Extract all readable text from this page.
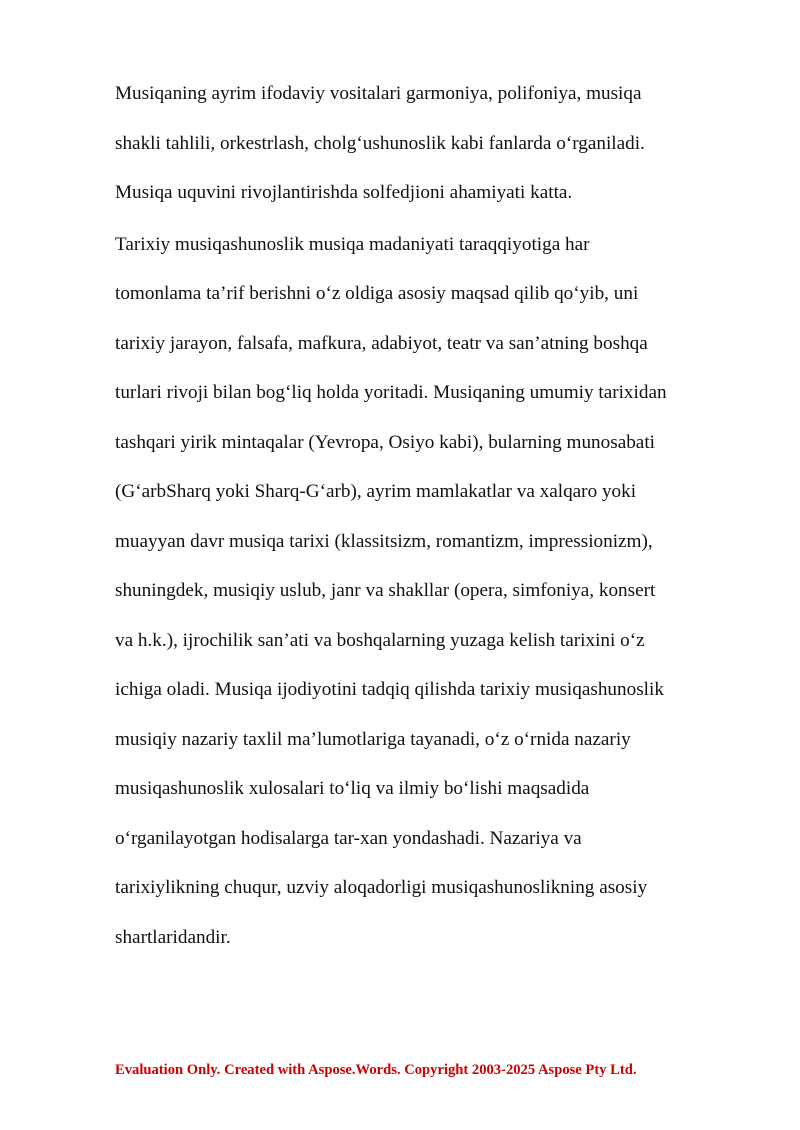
Musiqaning ayrim ifodaviy vositalari garmoniya, polifoniya, musiqa
shakli tahlili, orkestrlash, cholg‘ushunoslik kabi fanlarda o‘rganiladi.
Musiqa uquvini rivojlantirishda solfedjioni ahamiyati katta.
Tarixiy musiqashunoslik musiqa madaniyati taraqqiyotiga har
tomonlama ta’rif berishni o‘z oldiga asosiy maqsad qilib qo‘yib, uni
tarixiy jarayon, falsafa, mafkura, adabiyot, teatr va san’atning boshqa
turlari rivoji bilan bog‘liq holda yoritadi. Musiqaning umumiy tarixidan
tashqari yirik mintaqalar (Yevropa, Osiyo kabi), bularning munosabati
(G‘arbSharq yoki Sharq-G‘arb), ayrim mamlakatlar va xalqaro yoki
muayyan davr musiqa tarixi (klassitsizm, romantizm, impressionizm),
shuningdek, musiqiy uslub, janr va shakllar (opera, simfoniya, konsert
va h.k.), ijrochilik san’ati va boshqalarning yuzaga kelish tarixini o‘z
ichiga oladi. Musiqa ijodiyotini tadqiq qilishda tarixiy musiqashunoslik
musiqiy nazariy taxlil ma’lumotlariga tayanadi, o‘z o‘rnida nazariy
musiqashunoslik xulosalari to‘liq va ilmiy bo‘lishi maqsadida
o‘rganilayotgan hodisalarga tar-xan yondashadi. Nazariya va
tarixiylikning chuqur, uzviy aloqadorligi musiqashunoslikning asosiy
shartlaridandir.
Evaluation Only. Created with Aspose.Words. Copyright 2003-2025 Aspose Pty Ltd.
